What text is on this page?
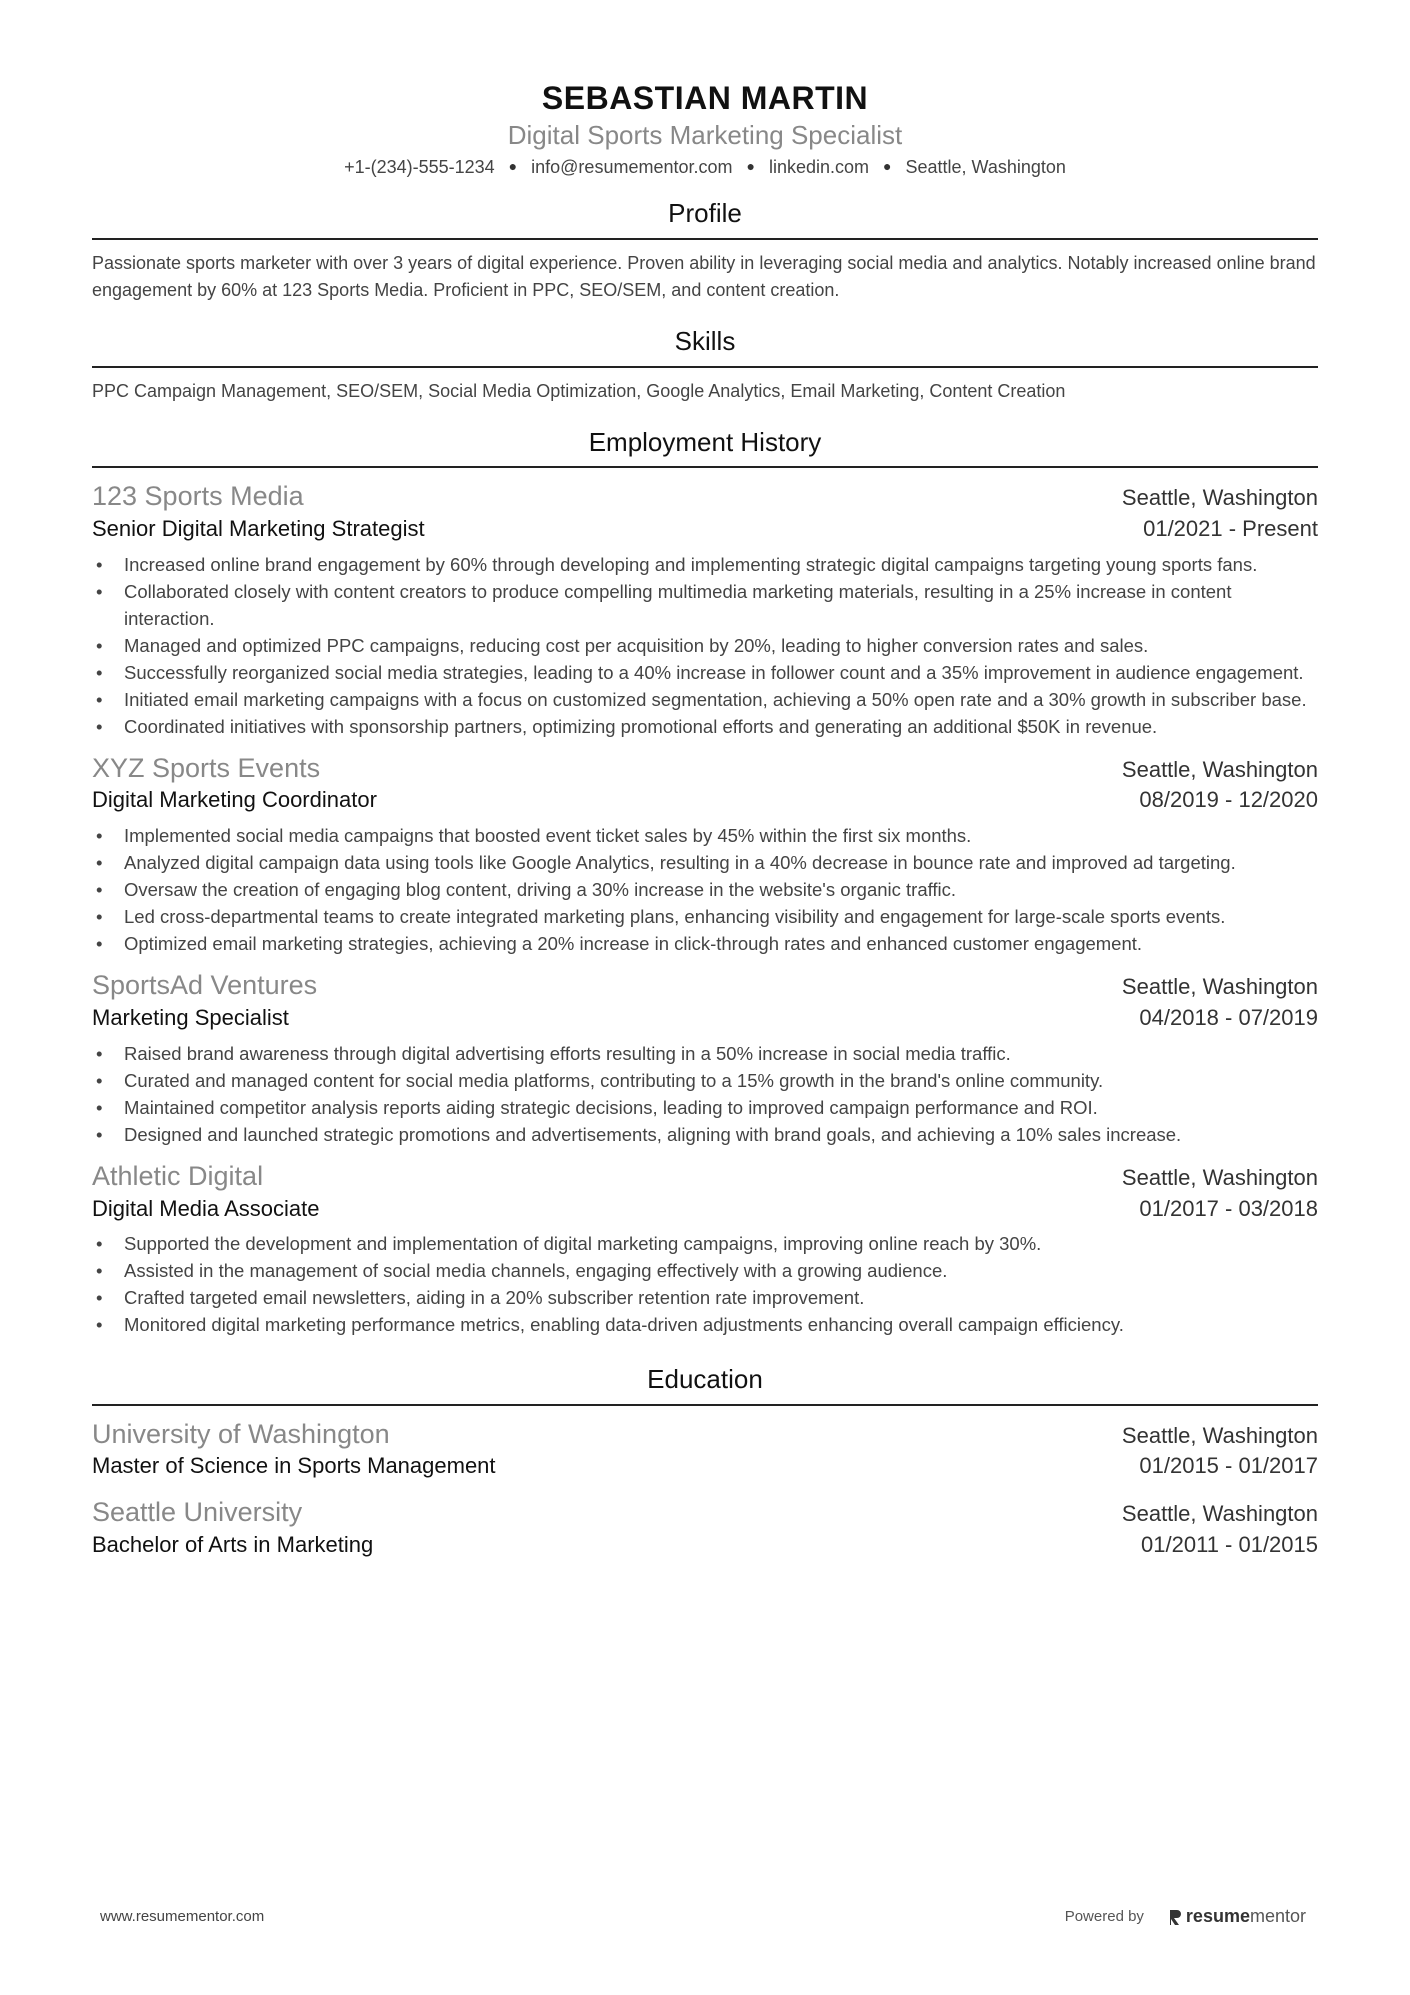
SEBASTIAN MARTIN
Digital Sports Marketing Specialist
+1-(234)-555-1234 ● info@resumementor.com ● linkedin.com ● Seattle, Washington
Profile
Passionate sports marketer with over 3 years of digital experience. Proven ability in leveraging social media and analytics. Notably increased online brand engagement by 60% at 123 Sports Media. Proficient in PPC, SEO/SEM, and content creation.
Skills
PPC Campaign Management, SEO/SEM, Social Media Optimization, Google Analytics, Email Marketing, Content Creation
Employment History
123 Sports Media	Seattle, Washington
Senior Digital Marketing Strategist	01/2021 - Present
• Increased online brand engagement by 60% through developing and implementing strategic digital campaigns targeting young sports fans.
• Collaborated closely with content creators to produce compelling multimedia marketing materials, resulting in a 25% increase in content interaction.
• Managed and optimized PPC campaigns, reducing cost per acquisition by 20%, leading to higher conversion rates and sales.
• Successfully reorganized social media strategies, leading to a 40% increase in follower count and a 35% improvement in audience engagement.
• Initiated email marketing campaigns with a focus on customized segmentation, achieving a 50% open rate and a 30% growth in subscriber base.
• Coordinated initiatives with sponsorship partners, optimizing promotional efforts and generating an additional $50K in revenue.
XYZ Sports Events	Seattle, Washington
Digital Marketing Coordinator	08/2019 - 12/2020
• Implemented social media campaigns that boosted event ticket sales by 45% within the first six months.
• Analyzed digital campaign data using tools like Google Analytics, resulting in a 40% decrease in bounce rate and improved ad targeting.
• Oversaw the creation of engaging blog content, driving a 30% increase in the website's organic traffic.
• Led cross-departmental teams to create integrated marketing plans, enhancing visibility and engagement for large-scale sports events.
• Optimized email marketing strategies, achieving a 20% increase in click-through rates and enhanced customer engagement.
SportsAd Ventures	Seattle, Washington
Marketing Specialist	04/2018 - 07/2019
• Raised brand awareness through digital advertising efforts resulting in a 50% increase in social media traffic.
• Curated and managed content for social media platforms, contributing to a 15% growth in the brand's online community.
• Maintained competitor analysis reports aiding strategic decisions, leading to improved campaign performance and ROI.
• Designed and launched strategic promotions and advertisements, aligning with brand goals, and achieving a 10% sales increase.
Athletic Digital	Seattle, Washington
Digital Media Associate	01/2017 - 03/2018
• Supported the development and implementation of digital marketing campaigns, improving online reach by 30%.
• Assisted in the management of social media channels, engaging effectively with a growing audience.
• Crafted targeted email newsletters, aiding in a 20% subscriber retention rate improvement.
• Monitored digital marketing performance metrics, enabling data-driven adjustments enhancing overall campaign efficiency.
Education
University of Washington	Seattle, Washington
Master of Science in Sports Management	01/2015 - 01/2017
Seattle University	Seattle, Washington
Bachelor of Arts in Marketing	01/2011 - 01/2015
www.resumementor.com	Powered by resume mentor
